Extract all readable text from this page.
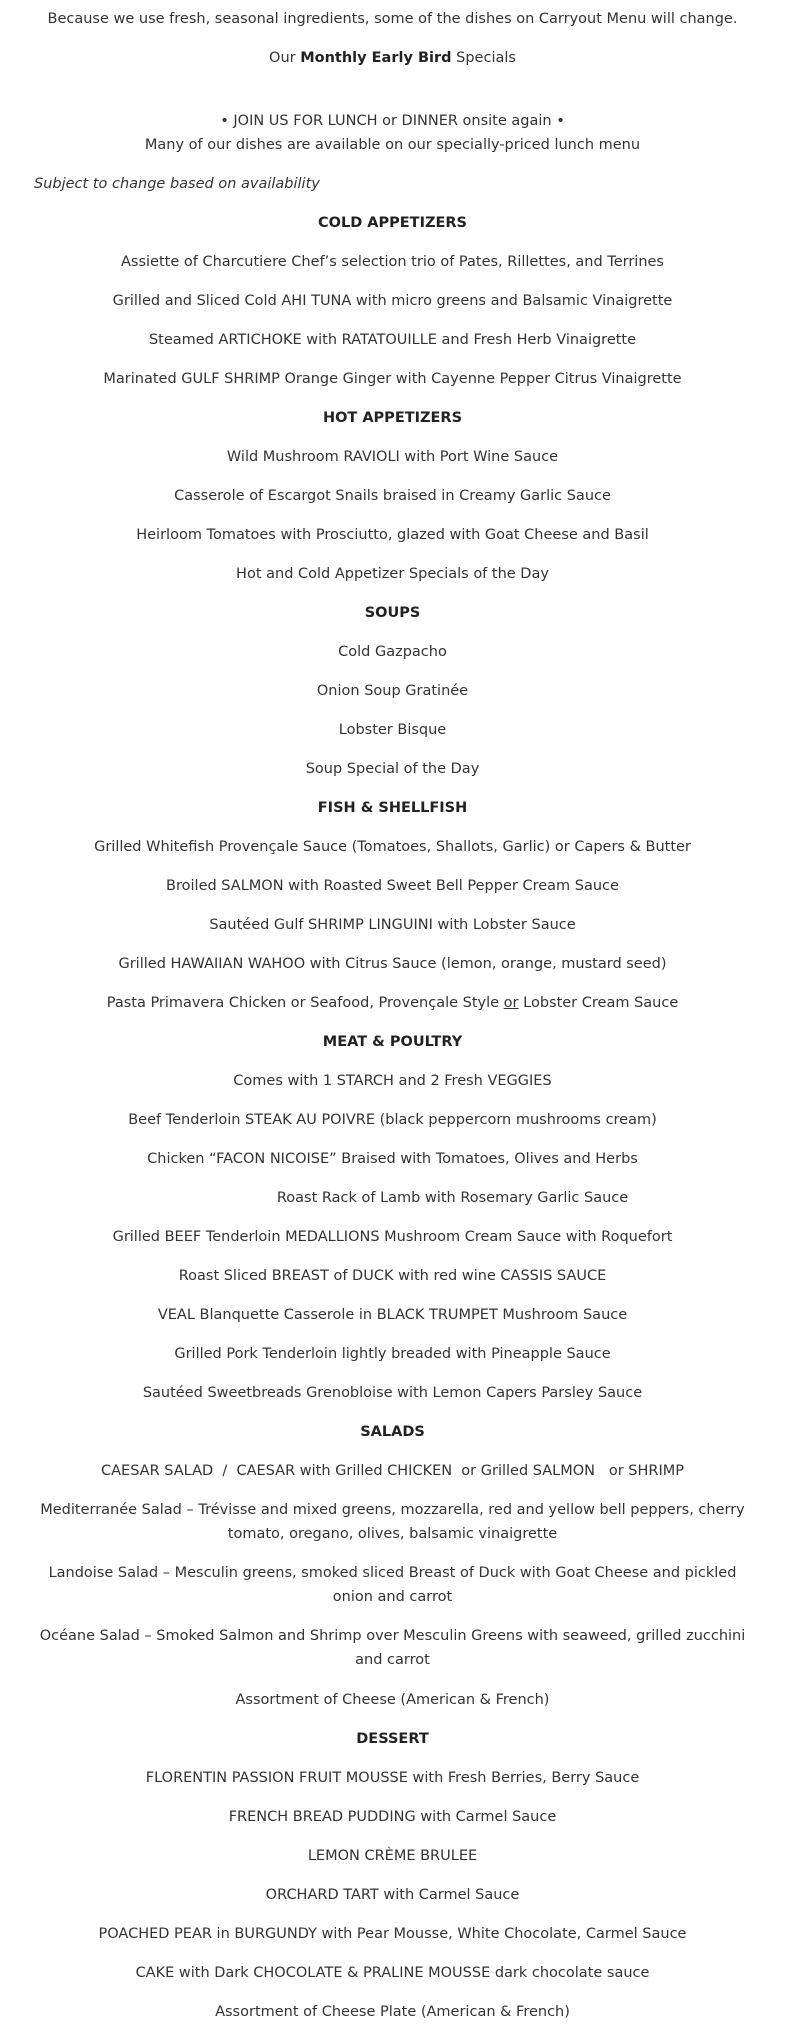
Because we use fresh, seasonal ingredients, some of the dishes on Carryout Menu will change.
Our Monthly Early Bird Specials
• JOIN US FOR LUNCH or DINNER onsite again •
Many of our dishes are available on our specially-priced lunch menu
Subject to change based on availability
COLD APPETIZERS
Assiette of Charcutiere Chef’s selection trio of Pates, Rillettes, and Terrines
Grilled and Sliced Cold AHI TUNA with micro greens and Balsamic Vinaigrette
Steamed ARTICHOKE with RATATOUILLE and Fresh Herb Vinaigrette
Marinated GULF SHRIMP Orange Ginger with Cayenne Pepper Citrus Vinaigrette
HOT APPETIZERS
Wild Mushroom RAVIOLI with Port Wine Sauce
Casserole of Escargot Snails braised in Creamy Garlic Sauce
Heirloom Tomatoes with Prosciutto, glazed with Goat Cheese and Basil
Hot and Cold Appetizer Specials of the Day
SOUPS
Cold Gazpacho
Onion Soup Gratinée
Lobster Bisque
Soup Special of the Day
FISH & SHELLFISH
Grilled Whitefish Provençale Sauce (Tomatoes, Shallots, Garlic) or Capers & Butter
Broiled SALMON with Roasted Sweet Bell Pepper Cream Sauce
Sautéed Gulf SHRIMP LINGUINI with Lobster Sauce
Grilled HAWAIIAN WAHOO with Citrus Sauce (lemon, orange, mustard seed)
Pasta Primavera Chicken or Seafood, Provençale Style or Lobster Cream Sauce
MEAT & POULTRY
Comes with 1 STARCH and 2 Fresh VEGGIES
Beef Tenderloin STEAK AU POIVRE (black peppercorn mushrooms cream)
Chicken “FACON NICOISE” Braised with Tomatoes, Olives and Herbs
Roast Rack of Lamb with Rosemary Garlic Sauce
Grilled BEEF Tenderloin MEDALLIONS Mushroom Cream Sauce with Roquefort
Roast Sliced BREAST of DUCK with red wine CASSIS SAUCE
VEAL Blanquette Casserole in BLACK TRUMPET Mushroom Sauce
Grilled Pork Tenderloin lightly breaded with Pineapple Sauce
Sautéed Sweetbreads Grenobloise with Lemon Capers Parsley Sauce
SALADS
CAESAR SALAD  /  CAESAR with Grilled CHICKEN  or Grilled SALMON   or SHRIMP
Mediterranée Salad – Trévisse and mixed greens, mozzarella, red and yellow bell peppers, cherry tomato, oregano, olives, balsamic vinaigrette
Landoise Salad – Mesculin greens, smoked sliced Breast of Duck with Goat Cheese and pickled onion and carrot
Océane Salad – Smoked Salmon and Shrimp over Mesculin Greens with seaweed, grilled zucchini and carrot
Assortment of Cheese (American & French)
DESSERT
FLORENTIN PASSION FRUIT MOUSSE with Fresh Berries, Berry Sauce
FRENCH BREAD PUDDING with Carmel Sauce
LEMON CRÈME BRULEE
ORCHARD TART with Carmel Sauce
POACHED PEAR in BURGUNDY with Pear Mousse, White Chocolate, Carmel Sauce
CAKE with Dark CHOCOLATE & PRALINE MOUSSE dark chocolate sauce
Assortment of Cheese Plate (American & French)
